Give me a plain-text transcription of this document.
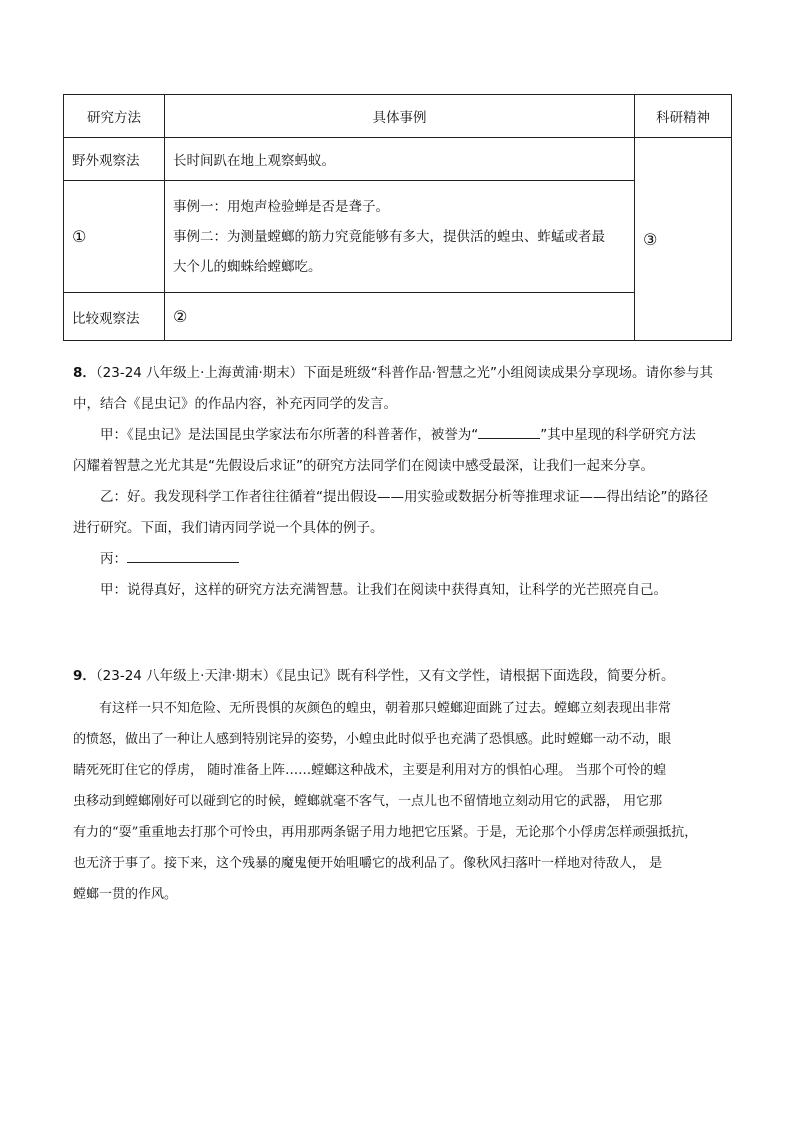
研究方法	具体事例	科研精神
野外观察法	长时间趴在地上观察蚂蚁。	③
①	事例一：用炮声检验蝉是否是聋子。
事例二：为测量螳螂的筋力究竟能够有多大，提供活的蝗虫、蚱蜢或者最
大个儿的蜘蛛给螳螂吃。	

比较观察法	②	
8．（23-24 八年级上·上海黄浦·期末）下面是班级“科普作品·智慧之光”小组阅读成果分享现场。请你参与其
中，结合《昆虫记》的作品内容，补充丙同学的发言。
甲：《昆虫记》是法国昆虫学家法布尔所著的科普著作，被誉为“	”其中星现的科学研究方法
闪耀着智慧之光尤其是“先假设后求证”的研究方法同学们在阅读中感受最深，让我们一起来分享。
乙：好。我发现科学工作者往往循着“提出假设——用实验或数据分析等推理求证——得出结论”的路径
进行研究。下面，我们请丙同学说一个具体的例子。
丙：
甲：说得真好，这样的研究方法充满智慧。让我们在阅读中获得真知，让科学的光芒照亮自己。
9．（23-24 八年级上·天津·期末）《昆虫记》既有科学性，又有文学性，请根据下面选段，简要分析。
有这样一只不知危险、无所畏惧的灰颜色的蝗虫，朝着那只螳螂迎面跳了过去。螳螂立刻表现出非常
的愤怒，做出了一种让人感到特别诧异的姿势，小蝗虫此时似乎也充满了恐惧感。此时螳螂一动不动，眼
睛死死盯住它的俘虏， 随时准备上阵……螳螂这种战术，主要是利用对方的惧怕心理。 当那个可怜的蝗
虫移动到螳螂刚好可以碰到它的时候，螳螂就毫不客气，一点儿也不留情地立刻动用它的武器， 用它那
有力的“耍”重重地去打那个可怜虫，再用那两条锯子用力地把它压紧。于是，无论那个小俘虏怎样顽强抵抗，
也无济于事了。接下来，这个残暴的魔鬼便开始咀嚼它的战利品了。像秋风扫落叶一样地对待敌人， 是
螳螂一贯的作风。
